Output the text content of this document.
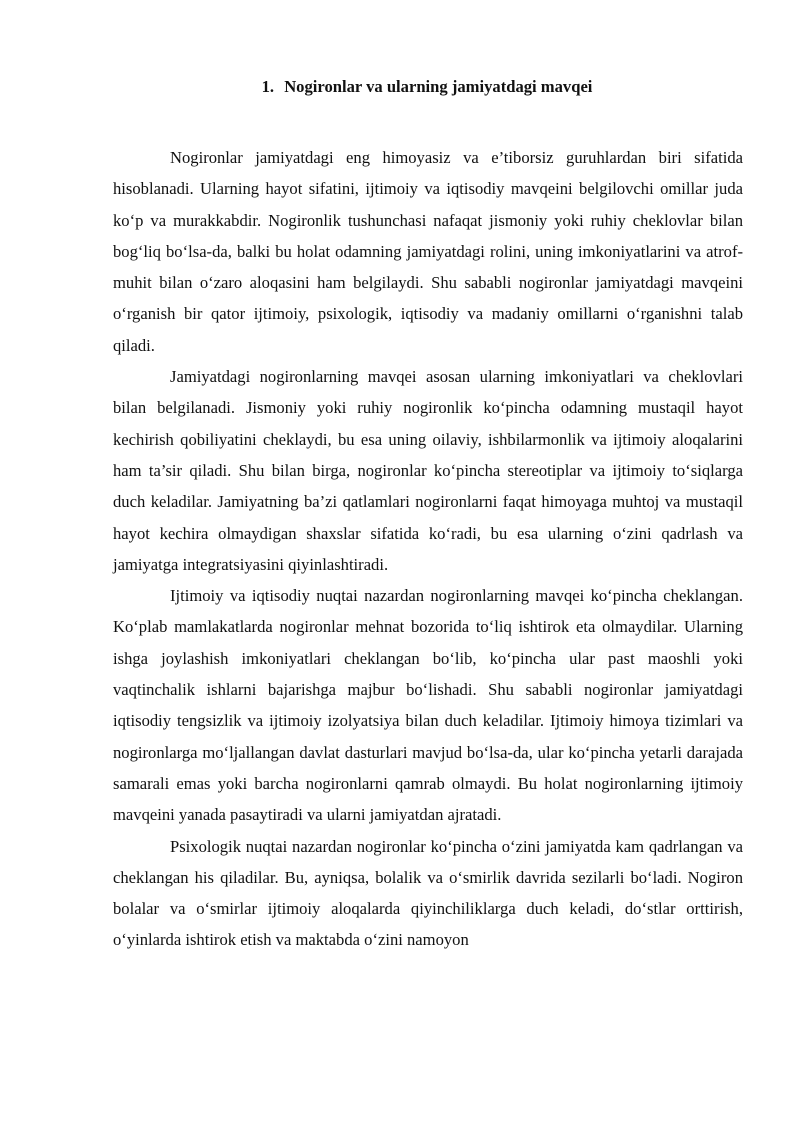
1. Nogironlar va ularning jamiyatdagi mavqei

Nogironlar jamiyatdagi eng himoyasiz va e’tiborsiz guruhlardan biri sifatida hisoblanadi. Ularning hayot sifatini, ijtimoiy va iqtisodiy mavqeini belgilovchi omillar juda ko‘p va murakkabdir. Nogironlik tushunchasi nafaqat jismoniy yoki ruhiy cheklovlar bilan bog‘liq bo‘lsa-da, balki bu holat odamning jamiyatdagi rolini, uning imkoniyatlarini va atrof-muhit bilan o‘zaro aloqasini ham belgilaydi. Shu sababli nogironlar jamiyatdagi mavqeini o‘rganish bir qator ijtimoiy, psixologik, iqtisodiy va madaniy omillarni o‘rganishni talab qiladi.

Jamiyatdagi nogironlarning mavqei asosan ularning imkoniyatlari va cheklovlari bilan belgilanadi. Jismoniy yoki ruhiy nogironlik ko‘pincha odamning mustaqil hayot kechirish qobiliyatini cheklaydi, bu esa uning oilaviy, ishbilarmonlik va ijtimoiy aloqalarini ham ta’sir qiladi. Shu bilan birga, nogironlar ko‘pincha stereotiplar va ijtimoiy to‘siqlarga duch keladilar. Jamiyatning ba’zi qatlamlari nogironlarni faqat himoyaga muhtoj va mustaqil hayot kechira olmaydigan shaxslar sifatida ko‘radi, bu esa ularning o‘zini qadrlash va jamiyatga integratsiyasini qiyinlashtiradi.

Ijtimoiy va iqtisodiy nuqtai nazardan nogironlarning mavqei ko‘pincha cheklangan. Ko‘plab mamlakatlarda nogironlar mehnat bozorida to‘liq ishtirok eta olmaydilar. Ularning ishga joylashish imkoniyatlari cheklangan bo‘lib, ko‘pincha ular past maoshli yoki vaqtinchalik ishlarni bajarishga majbur bo‘lishadi. Shu sababli nogironlar jamiyatdagi iqtisodiy tengsizlik va ijtimoiy izolyatsiya bilan duch keladilar. Ijtimoiy himoya tizimlari va nogironlarga mo‘ljallangan davlat dasturlari mavjud bo‘lsa-da, ular ko‘pincha yetarli darajada samarali emas yoki barcha nogironlarni qamrab olmaydi. Bu holat nogironlarning ijtimoiy mavqeini yanada pasaytiradi va ularni jamiyatdan ajratadi.

Psixologik nuqtai nazardan nogironlar ko‘pincha o‘zini jamiyatda kam qadrlangan va cheklangan his qiladilar. Bu, ayniqsa, bolalik va o‘smirlik davrida sezilarli bo‘ladi. Nogiron bolalar va o‘smirlar ijtimoiy aloqalarda qiyinchiliklarga duch keladi, do‘stlar orttirish, o‘yinlarda ishtirok etish va maktabda o‘zini namoyon
